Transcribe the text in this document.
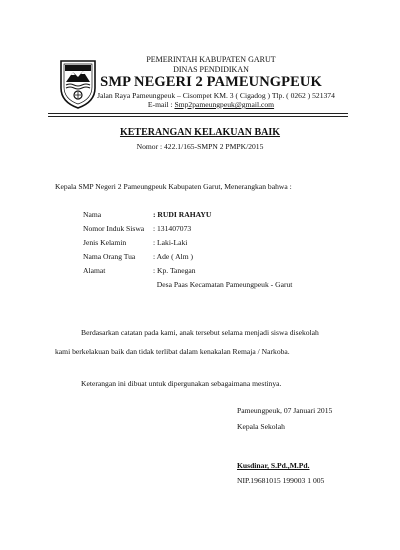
PEMERINTAH KABUPATEN GARUT
DINAS PENDIDIKAN
SMP NEGERI 2 PAMEUNGPEUK
Jalan Raya Pameungpeuk – Cisompet KM. 3 ( Cigadog ) Tlp. ( 0262 ) 521374
E-mail : Smp2pameungpeuk@gmail.com
KETERANGAN KELAKUAN BAIK
Nomor : 422.1/165-SMPN 2 PMPK/2015
Kepala SMP Negeri 2 Pameungpeuk Kabupaten Garut, Menerangkan bahwa :
Nama	: RUDI RAHAYU
Nomor Induk Siswa : 131407073
Jenis Kelamin	: Laki-Laki
Nama Orang Tua : Ade ( Alm )
Alamat	: Kp. Tanegan
Desa Paas Kecamatan Pameungpeuk - Garut
Berdasarkan catatan pada kami, anak tersebut selama menjadi siswa disekolah
kami berkelakuan baik dan tidak terlibat dalam kenakalan Remaja / Narkoba.
Keterangan ini dibuat untuk dipergunakan sebagaimana mestinya.
Pameungpeuk, 07 Januari 2015
Kepala Sekolah
Kusdinar, S.Pd.,M.Pd.
NIP.19681015 199003 1 005
